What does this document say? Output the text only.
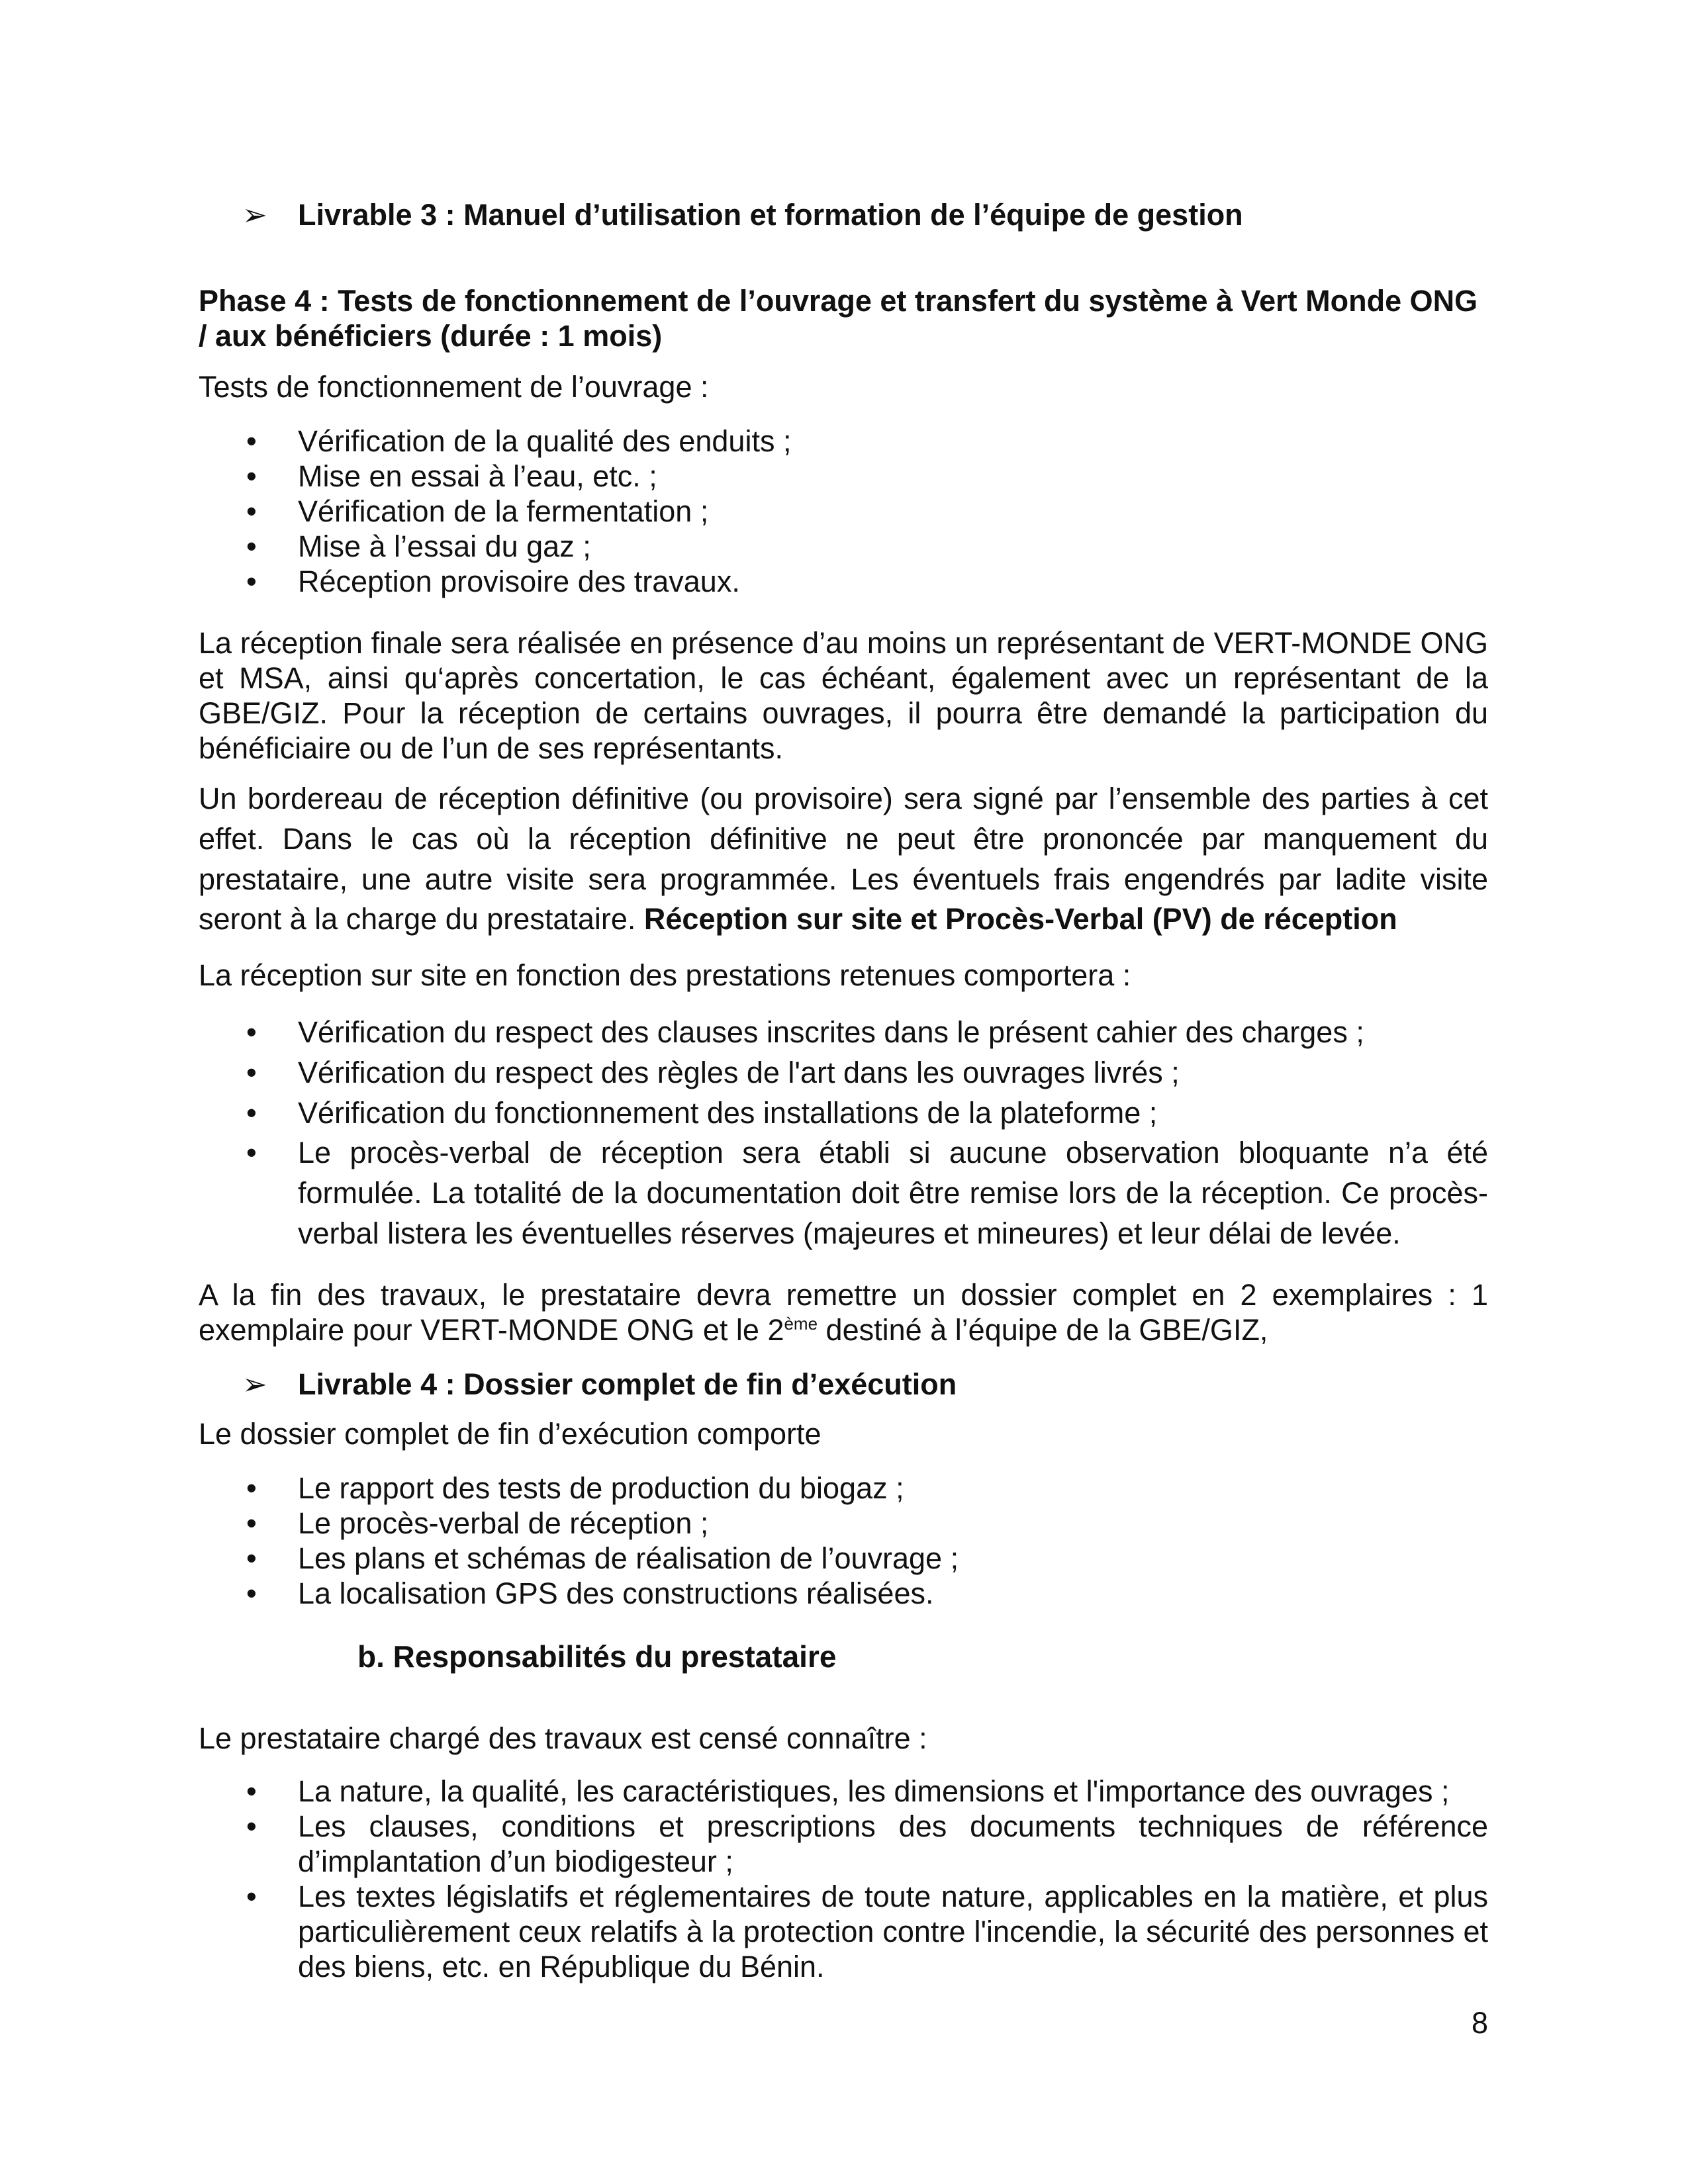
➢	Livrable 3 : Manuel d’utilisation et formation de l’équipe de gestion

Phase 4 : Tests de fonctionnement de l’ouvrage et transfert du système à Vert Monde ONG / aux bénéficiers (durée : 1 mois)

Tests de fonctionnement de l’ouvrage :

• Vérification de la qualité des enduits ;
• Mise en essai à l’eau, etc. ;
• Vérification de la fermentation ;
• Mise à l’essai du gaz ;
• Réception provisoire des travaux.

La réception finale sera réalisée en présence d’au moins un représentant de VERT-MONDE ONG et MSA, ainsi qu‘après concertation, le cas échéant, également avec un représentant de la GBE/GIZ. Pour la réception de certains ouvrages, il pourra être demandé la participation du bénéficiaire ou de l’un de ses représentants.

Un bordereau de réception définitive (ou provisoire) sera signé par l’ensemble des parties à cet effet. Dans le cas où la réception définitive ne peut être prononcée par manquement du prestataire, une autre visite sera programmée. Les éventuels frais engendrés par ladite visite seront à la charge du prestataire. Réception sur site et Procès-Verbal (PV) de réception

La réception sur site en fonction des prestations retenues comportera :

• Vérification du respect des clauses inscrites dans le présent cahier des charges ;
• Vérification du respect des règles de l'art dans les ouvrages livrés ;
• Vérification du fonctionnement des installations de la plateforme ;
• Le procès-verbal de réception sera établi si aucune observation bloquante n’a été formulée. La totalité de la documentation doit être remise lors de la réception. Ce procès-verbal listera les éventuelles réserves (majeures et mineures) et leur délai de levée.

A la fin des travaux, le prestataire devra remettre un dossier complet en 2 exemplaires : 1 exemplaire pour VERT-MONDE ONG et le 2ème destiné à l’équipe de la GBE/GIZ,

➢	Livrable 4 : Dossier complet de fin d’exécution

Le dossier complet de fin d’exécution comporte

• Le rapport des tests de production du biogaz ;
• Le procès-verbal de réception ;
• Les plans et schémas de réalisation de l’ouvrage ;
• La localisation GPS des constructions réalisées.

b. Responsabilités du prestataire

Le prestataire chargé des travaux est censé connaître :

• La nature, la qualité, les caractéristiques, les dimensions et l'importance des ouvrages ;
• Les clauses, conditions et prescriptions des documents techniques de référence d’implantation d’un biodigesteur ;
• Les textes législatifs et réglementaires de toute nature, applicables en la matière, et plus particulièrement ceux relatifs à la protection contre l'incendie, la sécurité des personnes et des biens, etc. en République du Bénin.
8
